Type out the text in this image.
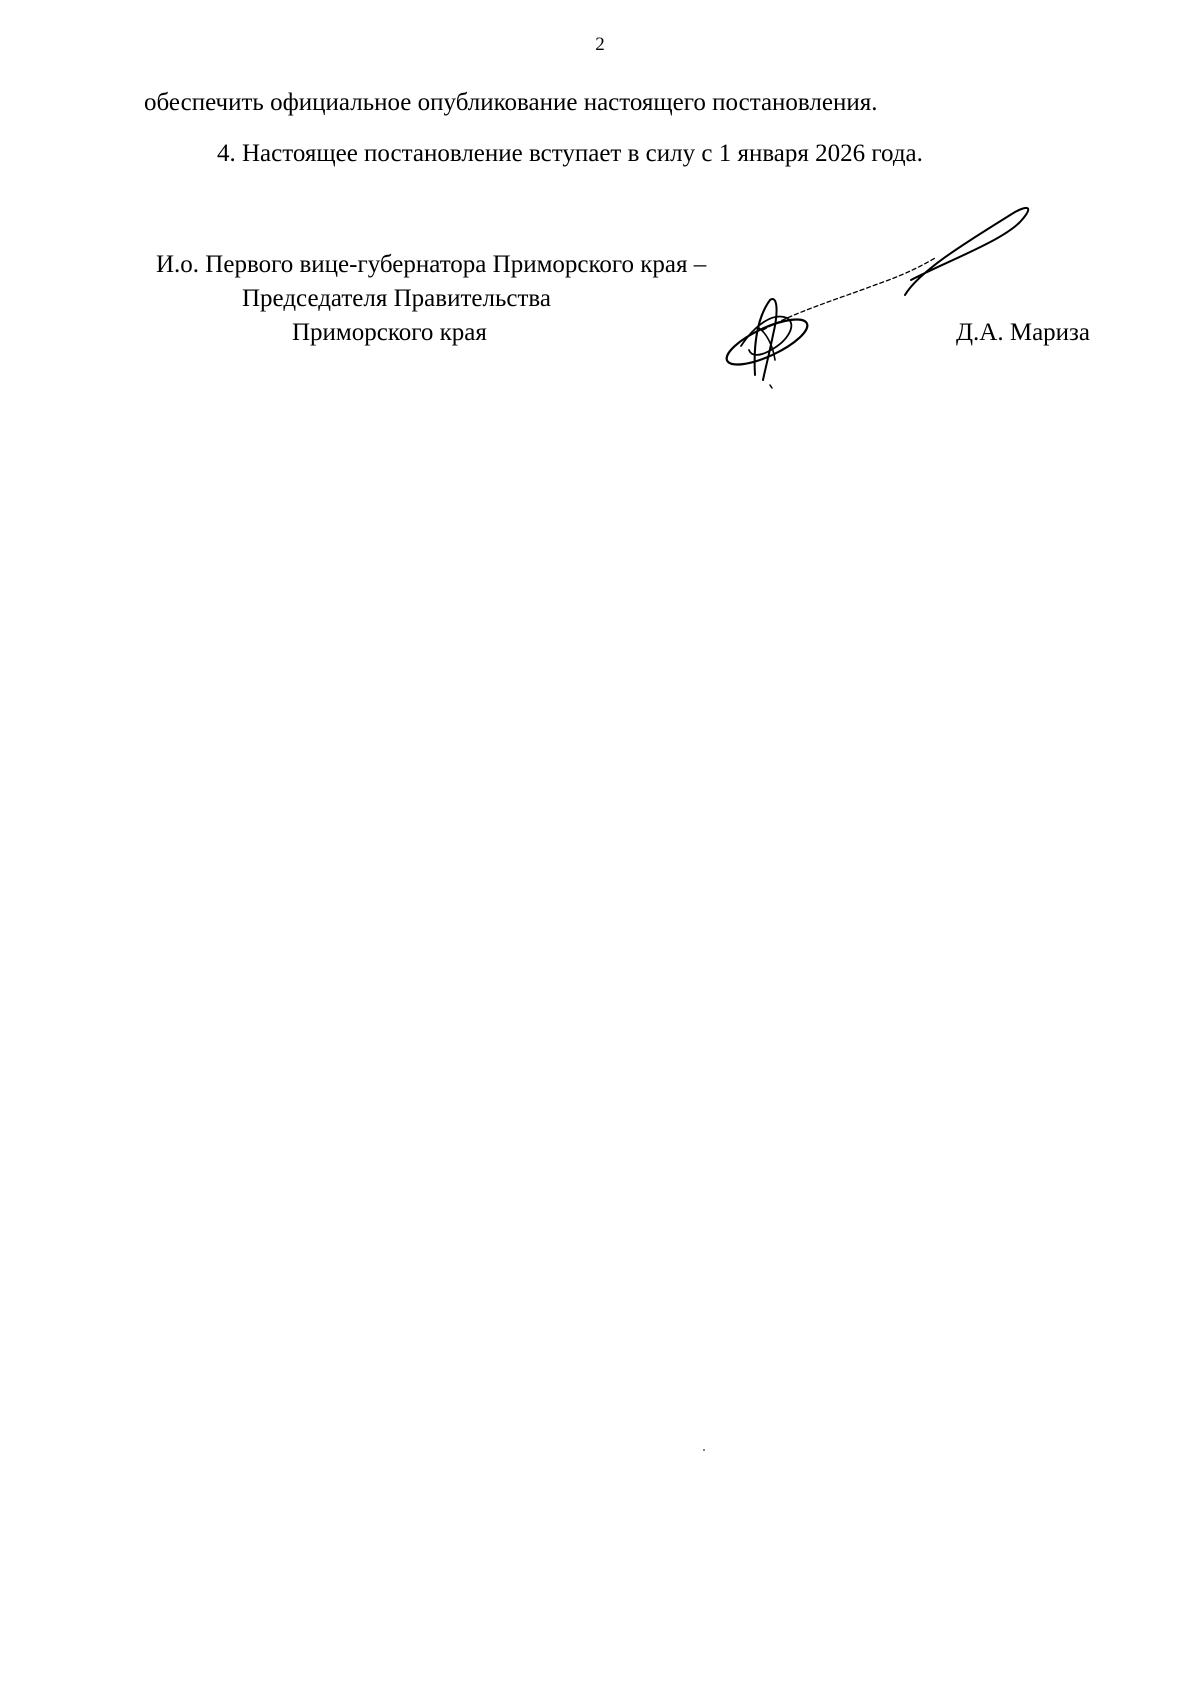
2
обеспечить официальное опубликование настоящего постановления.
4. Настоящее постановление вступает в силу с 1 января 2026 года.
И.о. Первого вице-губернатора Приморского края –
Председателя Правительства
Приморского края	Д.А. Мариза
